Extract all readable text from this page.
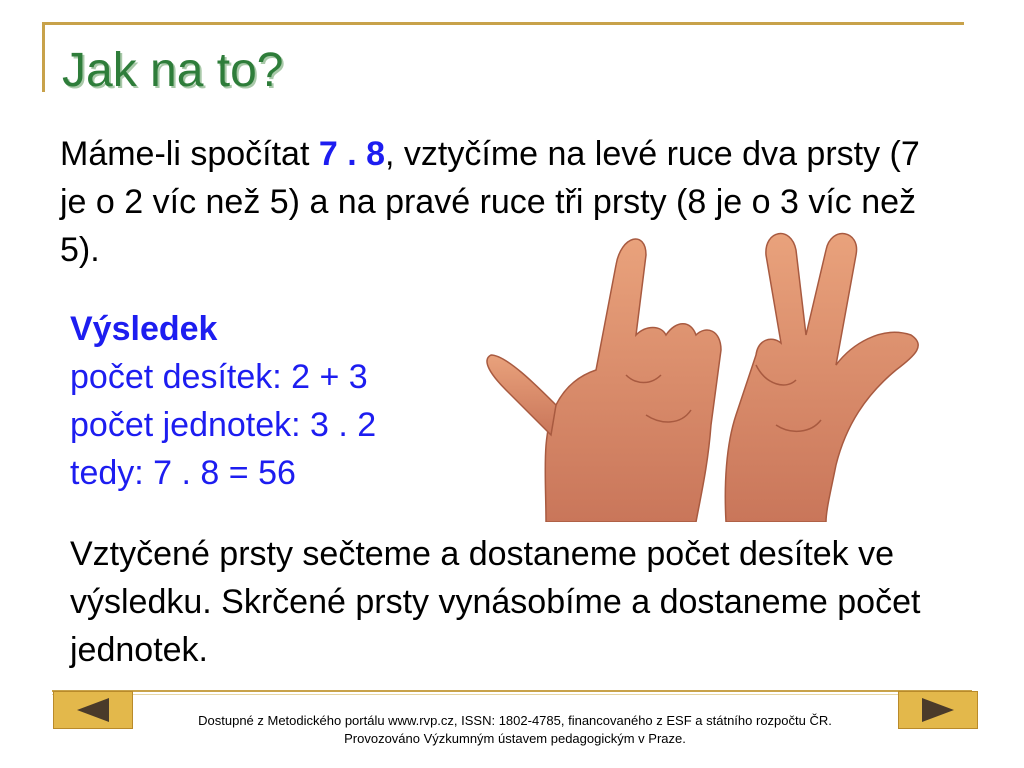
Jak na to?
Máme-li spočítat 7 . 8, vztyčíme na levé ruce dva prsty (7 je o 2 víc než 5) a na pravé ruce tři prsty (8 je o 3 víc než 5).
Výsledek
počet desítek: 2 + 3
počet jednotek: 3 . 2
tedy: 7 . 8 = 56
Vztyčené prsty sečteme a dostaneme počet desítek ve výsledku. Skrčené prsty vynásobíme a dostaneme počet jednotek.
Dostupné z Metodického portálu www.rvp.cz, ISSN: 1802-4785, financovaného z ESF a státního rozpočtu ČR.
Provozováno Výzkumným ústavem pedagogickým v Praze.
